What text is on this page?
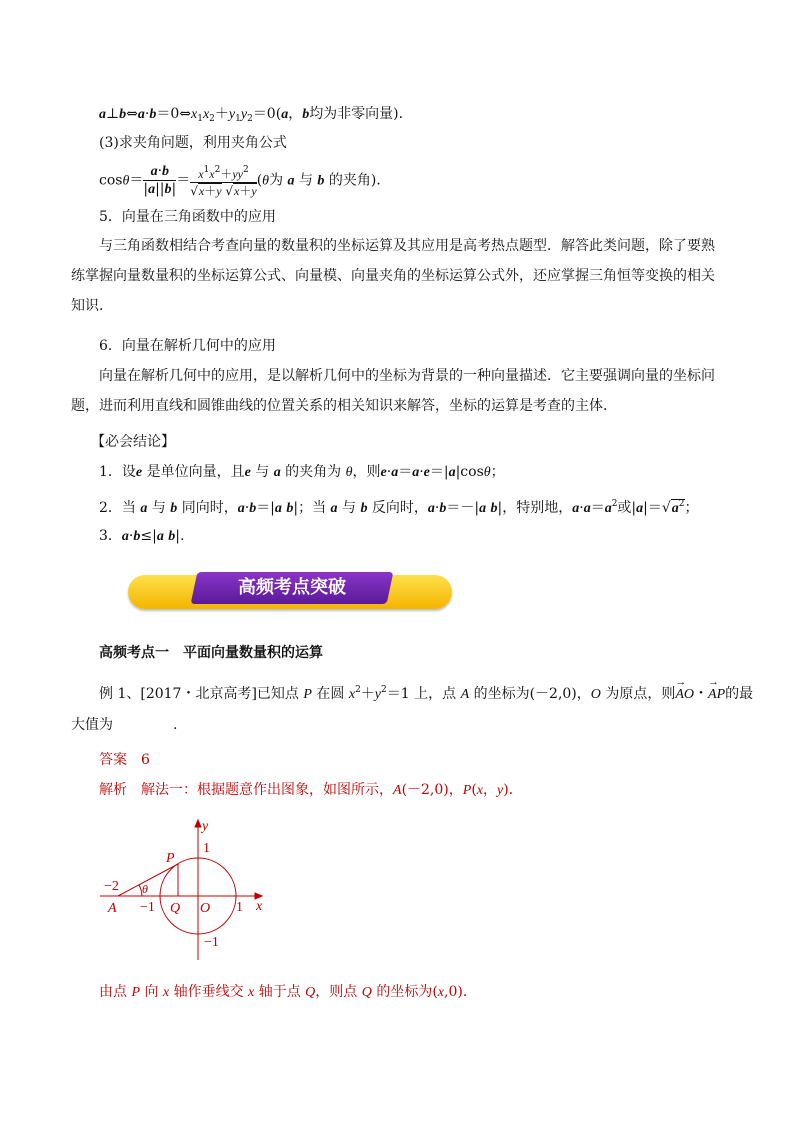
$a\perp b\Leftrightarrow a\cdot b=0\Leftrightarrow x_1x_2+y_1y_2=0(a$，b均为非零向量)．
(3)求夹角问题，利用夹角公式
$\cos\theta= \frac{a\cdot b}{|a||b|} = \frac{x^1x^2+yy^2}{√x+y √x+y} (\theta$为 a 与 b 的夹角)．
5．向量在三角函数中的应用
与三角函数相结合考查向量的数量积的坐标运算及其应用是高考热点题型．解答此类问题，除了要熟
练掌握向量数量积的坐标运算公式、向量模、向量夹角的坐标运算公式外，还应掌握三角恒等变换的相关
知识．
6．向量在解析几何中的应用
向量在解析几何中的应用，是以解析几何中的坐标为背景的一种向量描述．它主要强调向量的坐标问
题，进而利用直线和圆锥曲线的位置关系的相关知识来解答，坐标的运算是考查的主体．
【必会结论】
1．设e 是单位向量，且e 与 a 的夹角为 θ，则e·a＝a·e＝|a|cosθ；
2．当 a 与 b 同向时，a·b＝|a b|；当 a 与 b 反向时，a·b＝－|a b|，特别地，$a\cdot a=a^2$或$|a|=√a^2$；
3．a·b≤|a b|.
高频考点突破
高频考点一　平面向量数量积的运算
例 1、[2017・北京高考]已知点 P 在圆 $x^2+y^2=1$ 上，点 A 的坐标为(－2,0)，O 为原点，则→ AO・→ AP的最
大值为	.
答案　 6
解析　 解法一：根据题意作出图象，如图所示，A(－2,0)，P(x，y)．
y
x
P
A	Q O
θ
1
1
−1
−1
−2
由点 P 向 x 轴作垂线交 x 轴于点 Q，则点 Q 的坐标为(x,0)．
